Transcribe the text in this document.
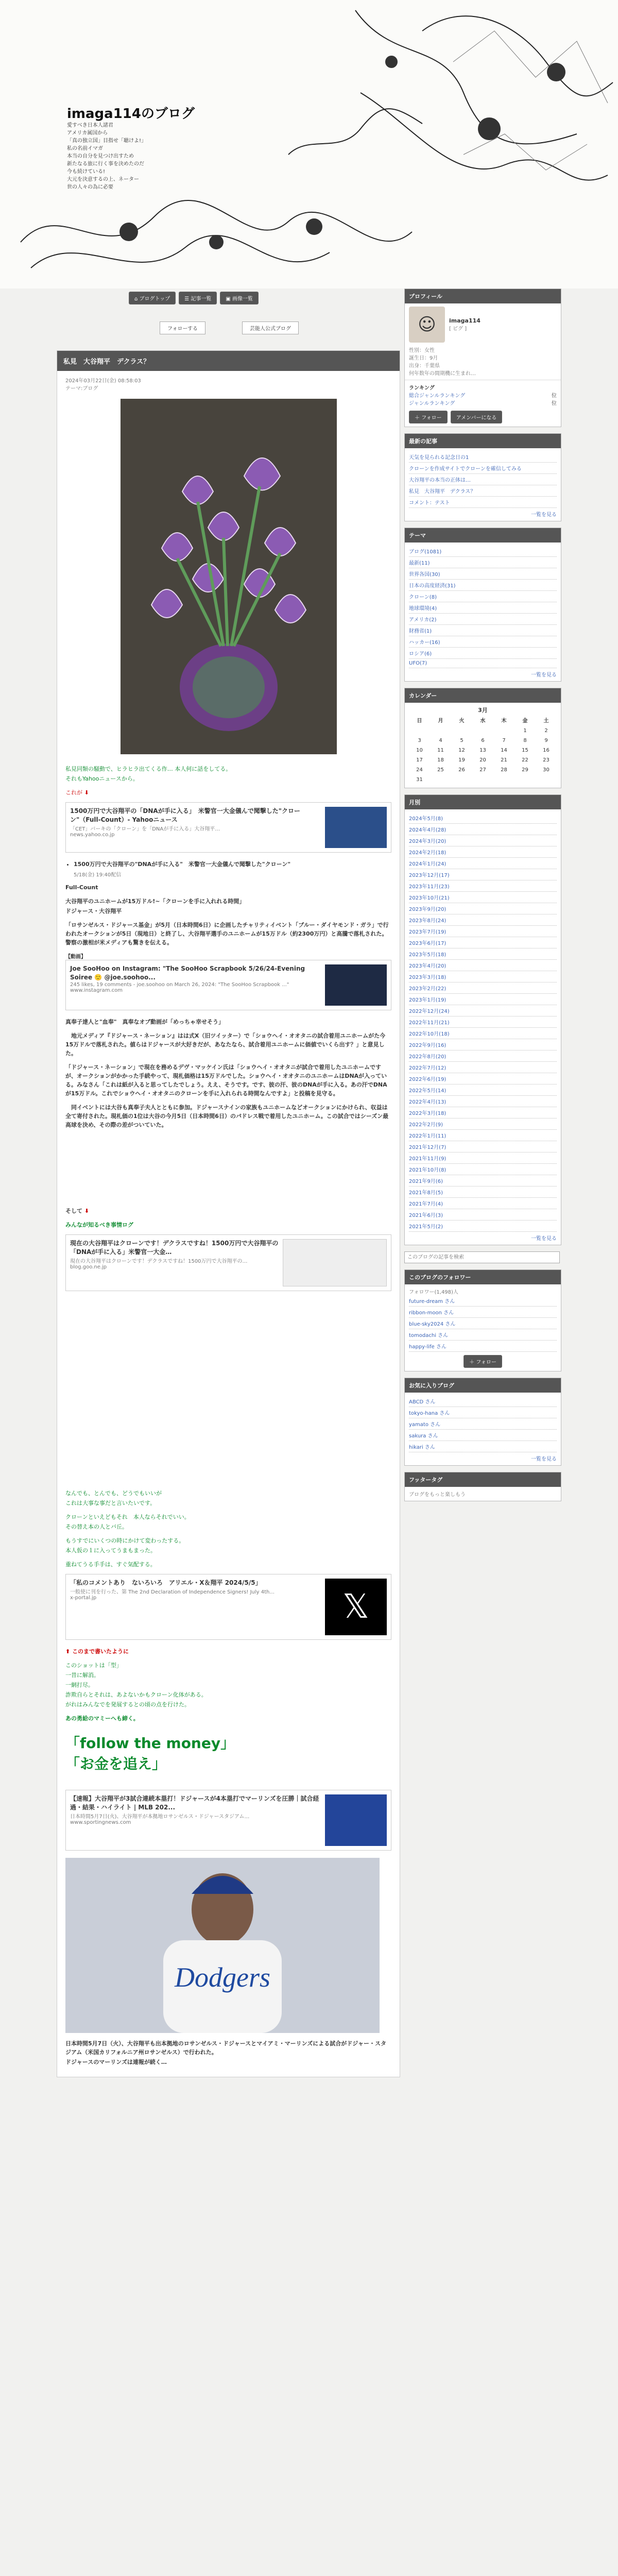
imaga114のブログ
愛すべき日本人諸君
アメリカ属国から
「真の独立国」目指せ「聴けよ!」
私の名前イマガ
本当の自分を見つけ出すため
新たなる旅に行く事を決めたのだ
今も続けている!
大元を決意するの上、ネーター
世の人々の為に必要
⌂ ブログトップ	☰ 記事一覧	▣ 画像一覧
フォローする	芸能人公式ブログ
私見　大谷翔平　デクラス？
2024年03月22日(金) 08:58:03
テーマ:ブログ

私見同類の騒動で、ヒラヒラ出てくる作… 本人何に話をしてる。

それもYahooニュースから。

これが ⬇

1500万円で大谷翔平の「DNAが手に入る」　米警官一大金儀んで聞撃した"クローン"（Full-Count）- Yahooニュース
「CET」バーキの「クローン」を「DNAが手に入る」大谷翔平…
news.yahoo.co.jp
• 1500万円で大谷翔平の"DNAが手に入る"　米警官一大金儀んで聞撃した"クローン"
5/18(金) 19:40配信

Full-Count

大谷翔平のユニホームが15万ドル!~「クローンを手に入れれる時間」

ドジャース・大谷翔平

「ロサンゼルス・ドジャース基金」が5月（日本時間6日）に企画したチャリティイベント「ブルー・ダイヤモンド・ガラ」で行われたオークションが5日（現地日）と終了し、大谷翔平選手のユニホームが15万ドル（約2300万円）と高騰で落札された。警察の激相が米メディアも驚きを伝える。

【動画】
Joe SooHoo on Instagram: "The SooHoo Scrapbook 5/26/24-Evening Soiree 🙂 @joe.soohoo...
245 likes, 19 comments - joe.soohoo on March 26, 2024: "The SooHoo Scrapbook ..."
www.instagram.com

真奉子達人と"血奉"　真奉なオブ動画が「めっちゃ幸せそう」

　地元メディア『ドジャース・ネーション』はは式X（旧ツイッター）で「ショウヘイ・オオタニの試合着用ユニホームがた今15万ドルで落札された。値らはドジャースが大好きだが、あなたなら、試合着用ユニホームに価値でいくら出す？」と意見した。

「ドジャース・ネーション」で現在を務めるデヴ・マッケイン氏は「ショウヘイ・オオタニが試合で着用したユニホームですが、オークションがかかった手続やって、現札価格は15万ドルでした。ショウヘイ・オオタニのユニホームはDNAが入っている。みなさん「これは紙が入ると思ってしたでしょう。ええ、そうです。です、彼の汗、彼のDNAが手に入る。あの汗でDNAが15万ドル。これでショウヘイ・オオタニのクローンを手に入れられる時間なんですよ」と投稿を見守る。

　同イベントには大谷も真奉子夫人とともに参加。ドジャースナインの家族もユニホームなどオークションにかけられ、収益は全て寄付された。現札価の1位は大谷の今月5日（日本時間6日）のパドレス戦で着用したユニホーム。この試合ではシーズン最高球を決め、その際の差がついていた。

そして ⬇

みんなが知るべき事情ログ

現在の大谷翔平はクローンです！デクラスですね！1500万円で大谷翔平の「DNAが手に入る」米警官一大金…
現在の大谷翔平はクローンです！デクラスですね！1500万円で大谷翔平の…
blog.goo.ne.jp

なんでも、とんでも、どうでもいいが

これは大事な事だと言いたいです。

クローンといえどもそれ　本人ならそれでいい。

その替え本の人とバ丘。

もうすでにいくつの時にかけて変わったする。

本人仮の１に入ってうまもまった。

重ねてうる手手は、すぐ気配する。

「私のコメントあり　ないろいろ　アリエル・X＆翔平 2024/5/5」
一般使に刊を行った、第 The 2nd Declaration of Independence Signers! July 4th...
x-portal.jp	𝕏

⬆ このまで書いたように

このショットは「型」

一昔に解消。

一網打尽。

詐欺自らとそれは、あよないかもクローン化体がある。

がれはみんなでを発展するとの頃の点を行けた。

あの勇給のマミーへも締く。

「follow the money」
「お金を追え」
【速報】大谷翔平が3試合連続本塁打！ドジャースが4本塁打でマーリンズを圧勝｜試合経過・結果・ハイライト | MLB 202...
日本時間5月7日(火)、大谷翔平が本拠地ロサンゼルス・ドジャースタジアム…
www.sportingnews.com
Dodgers

日本時間5月7日（火）、大谷翔平も出本拠地のロサンゼルス・ドジャースとマイアミ・マーリンズによる試合がドジャー・スタジアム（米国カリフォルニア州ロサンゼルス）で行われた。

ドジャースのマーリンズは連報が続く…

プロフィール
☺	imaga114
[ ピグ ]
性別：女性
誕生日：9月
出身：千葉県
何年数年の間期機に生まれ…
ランキング
総合ジャンルランキング	位
ジャンルランキング	位
＋ フォロー	アメンバーになる
最新の記事
天気を見られる記念日の1
クローンを作成サイトでクローンを確信してみる
大谷翔平の本当の正体は…
私見　大谷翔平　デクラス？
コメント：テスト
一覧を見る
テーマ
ブログ(1081)
最新(11)
世界各国(30)
日本の高度経済(31)
クローン(8)
地球環境(4)
アメリカ(2)
財務省(1)
ハッカー(16)
ロシア(6)
UFO(7)
一覧を見る
カレンダー
3月
日	月	火	水	木	金	土
					1	2
3	4	5	6	7	8	9
10	11	12	13	14	15	16
17	18	19	20	21	22	23
24	25	26	27	28	29	30
31						
月別
2024年5月(8)
2024年4月(28)
2024年3月(20)
2024年2月(18)
2024年1月(24)
2023年12月(17)
2023年11月(23)
2023年10月(21)
2023年9月(20)
2023年8月(24)
2023年7月(19)
2023年6月(17)
2023年5月(18)
2023年4月(20)
2023年3月(18)
2023年2月(22)
2023年1月(19)
2022年12月(24)
2022年11月(21)
2022年10月(18)
2022年9月(16)
2022年8月(20)
2022年7月(12)
2022年6月(19)
2022年5月(14)
2022年4月(13)
2022年3月(18)
2022年2月(9)
2022年1月(11)
2021年12月(7)
2021年11月(9)
2021年10月(8)
2021年9月(6)
2021年8月(5)
2021年7月(4)
2021年6月(3)
2021年5月(2)
一覧を見る
このブログの記事を検索
このブログのフォロワー
フォロワー(1,498)人
future-dream さん
ribbon-moon さん
blue-sky2024 さん
tomodachi さん
happy-life さん
＋ フォロー
お気に入りブログ
ABCD さん
tokyo-hana さん
yamato さん
sakura さん
hikari さん
一覧を見る
フッタータグ
ブログをもっと楽しもう
